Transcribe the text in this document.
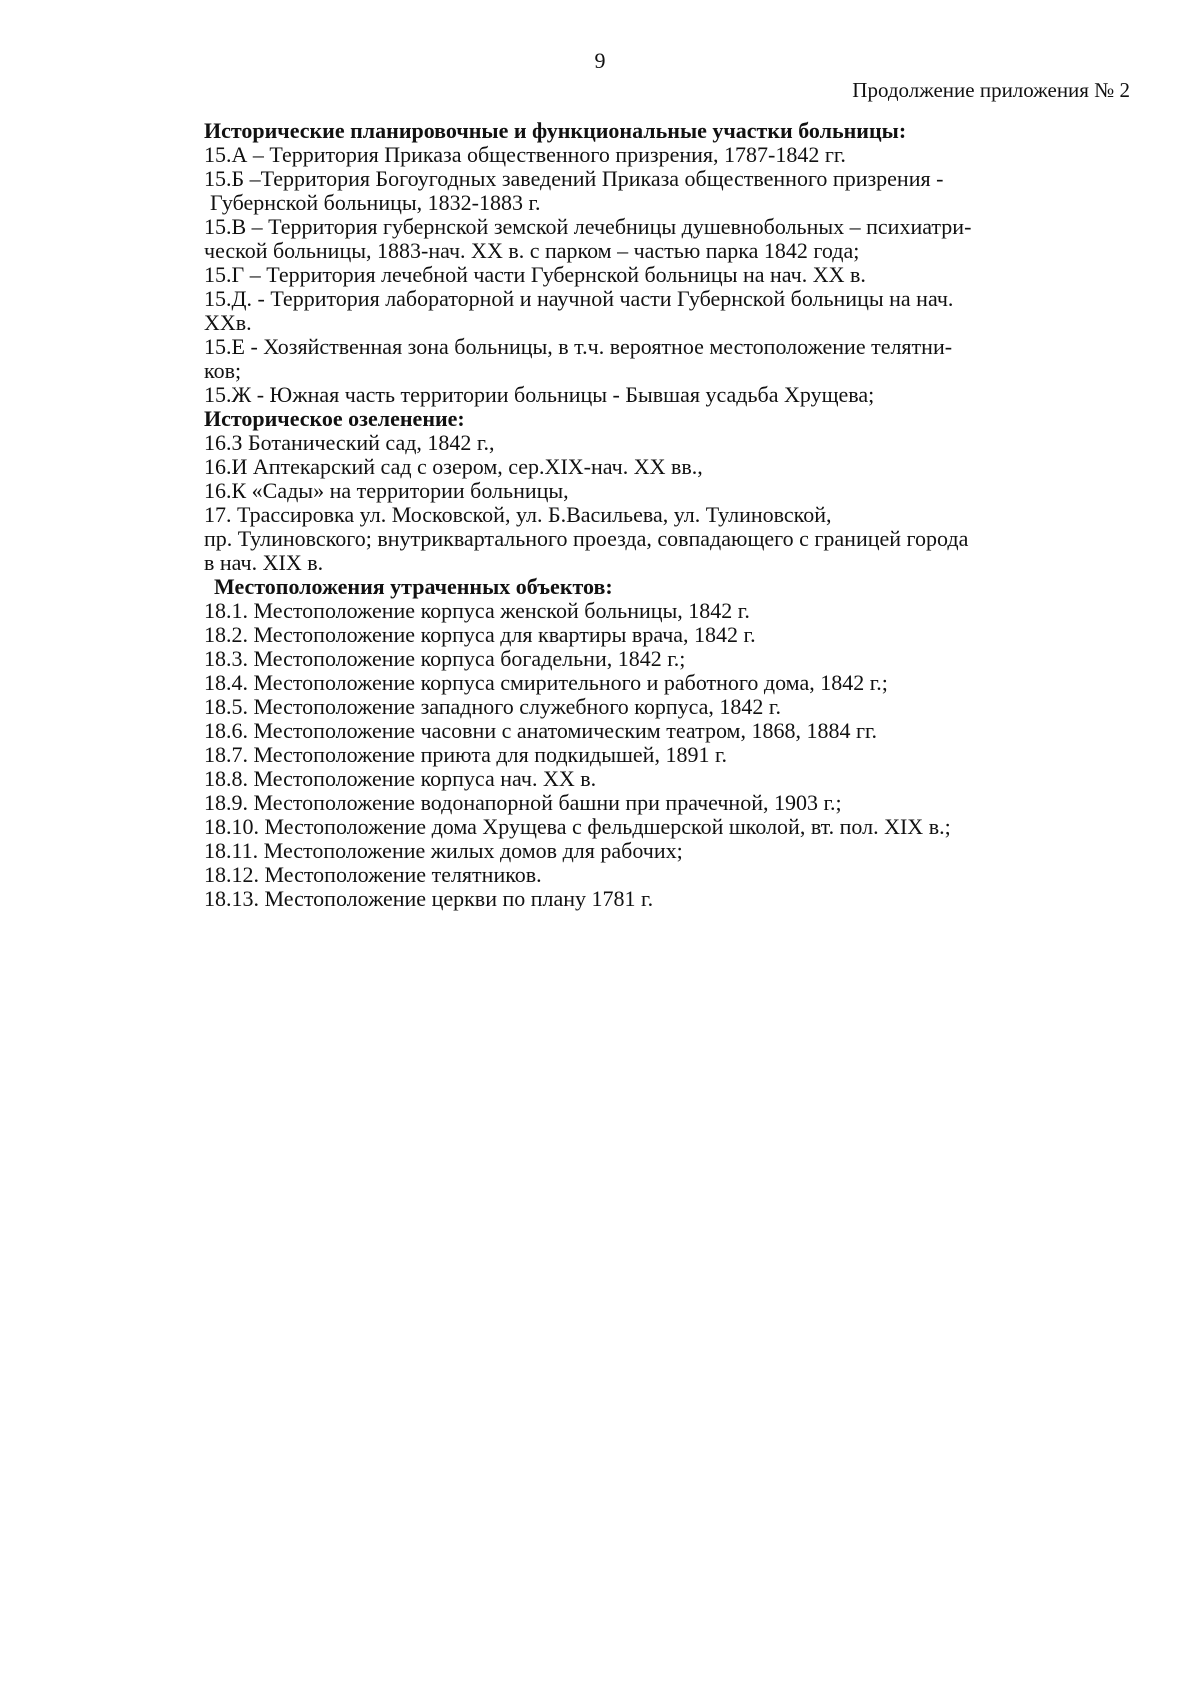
9
Продолжение приложения № 2

Исторические планировочные и функциональные участки больницы:

15.А – Территория Приказа общественного призрения, 1787-1842 гг.

15.Б –Территория Богоугодных заведений Приказа общественного призрения -

Губернской больницы, 1832-1883 г.

15.В – Территория губернской земской лечебницы душевнобольных – психиатри-

ческой больницы, 1883-нач. XX в. с парком – частью парка 1842 года;

15.Г – Территория лечебной части Губернской больницы на нач. XX в.

15.Д. - Территория лабораторной и научной части Губернской больницы на нач.

XXв.

15.Е - Хозяйственная зона больницы, в т.ч. вероятное местоположение телятни-

ков;

15.Ж - Южная часть территории больницы - Бывшая усадьба Хрущева;

Историческое озеленение:

16.З Ботанический сад, 1842 г.,

16.И Аптекарский сад с озером, сер.XIX-нач. XX вв.,

16.К «Сады» на территории больницы,

17. Трассировка ул. Московской, ул. Б.Васильева, ул. Тулиновской,

пр. Тулиновского; внутриквартального проезда, совпадающего с границей города

в нач. XIX в.

Местоположения утраченных объектов:

18.1. Местоположение корпуса женской больницы, 1842 г.

18.2. Местоположение корпуса для квартиры врача, 1842 г.

18.3. Местоположение корпуса богадельни, 1842 г.;

18.4. Местоположение корпуса смирительного и работного дома, 1842 г.;

18.5. Местоположение западного служебного корпуса, 1842 г.

18.6. Местоположение часовни с анатомическим театром, 1868, 1884 гг.

18.7. Местоположение приюта для подкидышей, 1891 г.

18.8. Местоположение корпуса нач. XX в.

18.9. Местоположение водонапорной башни при прачечной, 1903 г.;

18.10. Местоположение дома Хрущева с фельдшерской школой, вт. пол. XIX в.;

18.11. Местоположение жилых домов для рабочих;

18.12. Местоположение телятников.

18.13. Местоположение церкви по плану 1781 г.
